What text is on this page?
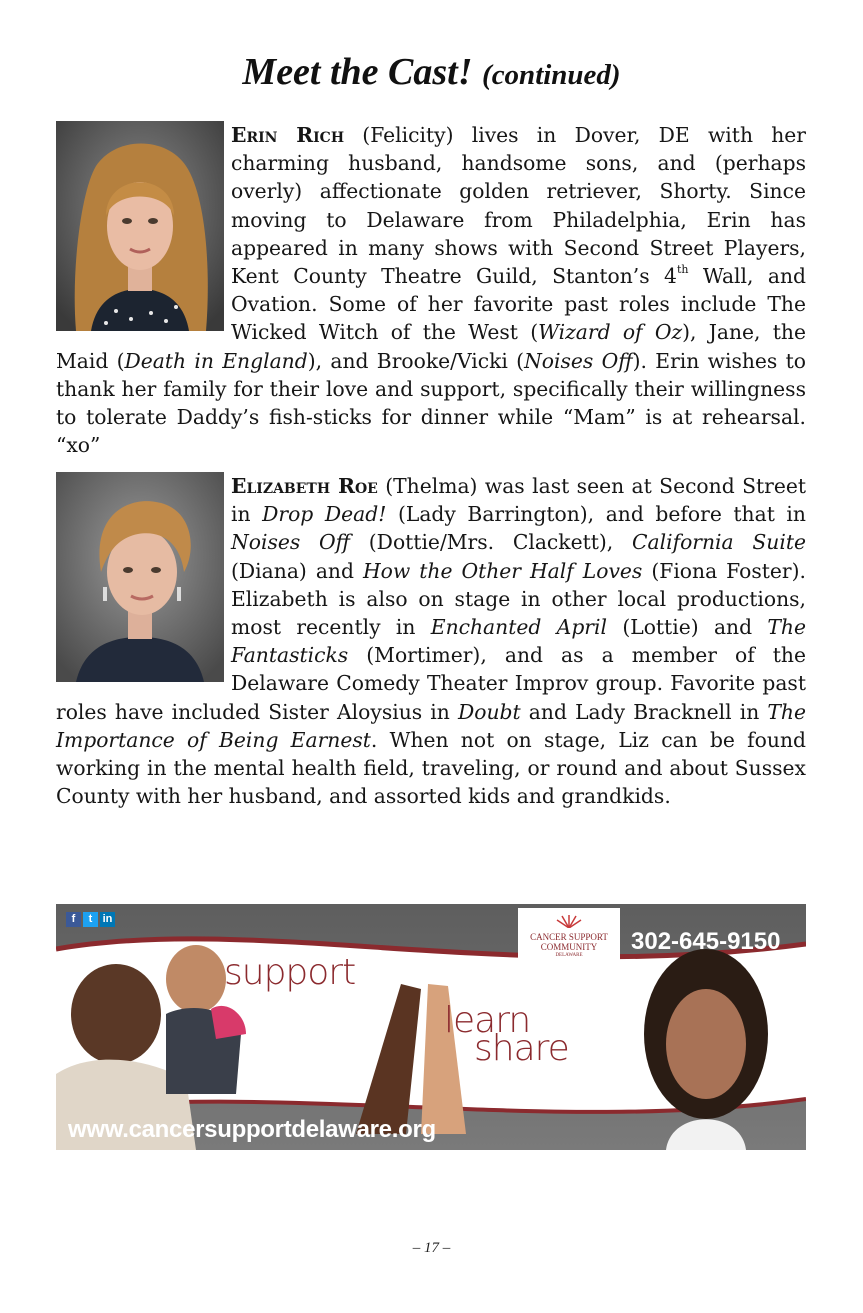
Meet the Cast! (continued)
Erin Rich (Felicity) lives in Dover, DE with her charming husband, handsome sons, and (perhaps overly) affectionate golden retriever, Shorty. Since moving to Delaware from Philadelphia, Erin has appeared in many shows with Second Street Players, Kent County Theatre Guild, Stanton’s 4th Wall, and Ovation. Some of her favorite past roles include The Wicked Witch of the West (Wizard of Oz), Jane, the Maid (Death in England), and Brooke/Vicki (Noises Off). Erin wishes to thank her family for their love and support, specifically their willingness to tolerate Daddy’s fish-sticks for dinner while “Mam” is at rehearsal. “xo”
Elizabeth Roe (Thelma) was last seen at Second Street in Drop Dead! (Lady Barrington), and before that in Noises Off (Dottie/Mrs. Clackett), California Suite (Diana) and How the Other Half Loves (Fiona Foster). Elizabeth is also on stage in other local productions, most recently in Enchanted April (Lottie) and The Fantasticks (Mortimer), and as a member of the Delaware Comedy Theater Improv group. Favorite past roles have included Sister Aloysius in Doubt and Lady Bracknell in The Importance of Being Earnest. When not on stage, Liz can be found working in the mental health field, traveling, or round and about Sussex County with her husband, and assorted kids and grandkids.
f	t in
CANCER SUPPORT
COMMUNITY
DELAWARE
302-645-9150
support
learn
share
www.cancersupportdelaware.org
– 17 –
